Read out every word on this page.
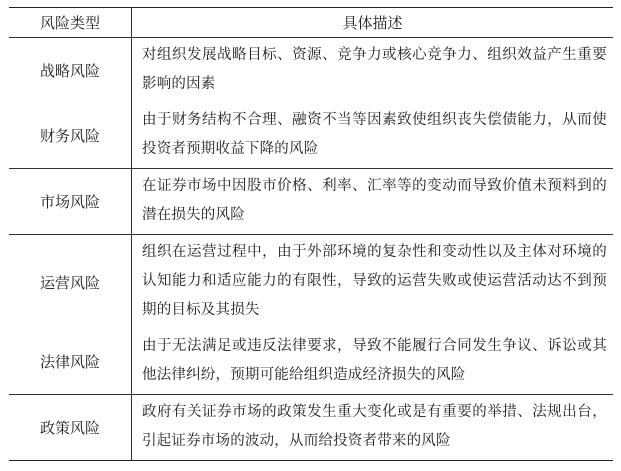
风险类型	具体描述
战略风险	对组织发展战略目标、资源、竞争力或核心竞争力、组织效益产生重要影响的因素
财务风险	由于财务结构不合理、融资不当等因素致使组织丧失偿债能力，从而使投资者预期收益下降的风险
市场风险	在证券市场中因股市价格、利率、汇率等的变动而导致价值未预料到的潜在损失的风险
运营风险	组织在运营过程中，由于外部环境的复杂性和变动性以及主体对环境的认知能力和适应能力的有限性，导致的运营失败或使运营活动达不到预期的目标及其损失
法律风险	由于无法满足或违反法律要求，导致不能履行合同发生争议、诉讼或其他法律纠纷，预期可能给组织造成经济损失的风险
政策风险	政府有关证券市场的政策发生重大变化或是有重要的举措、法规出台，引起证券市场的波动，从而给投资者带来的风险
